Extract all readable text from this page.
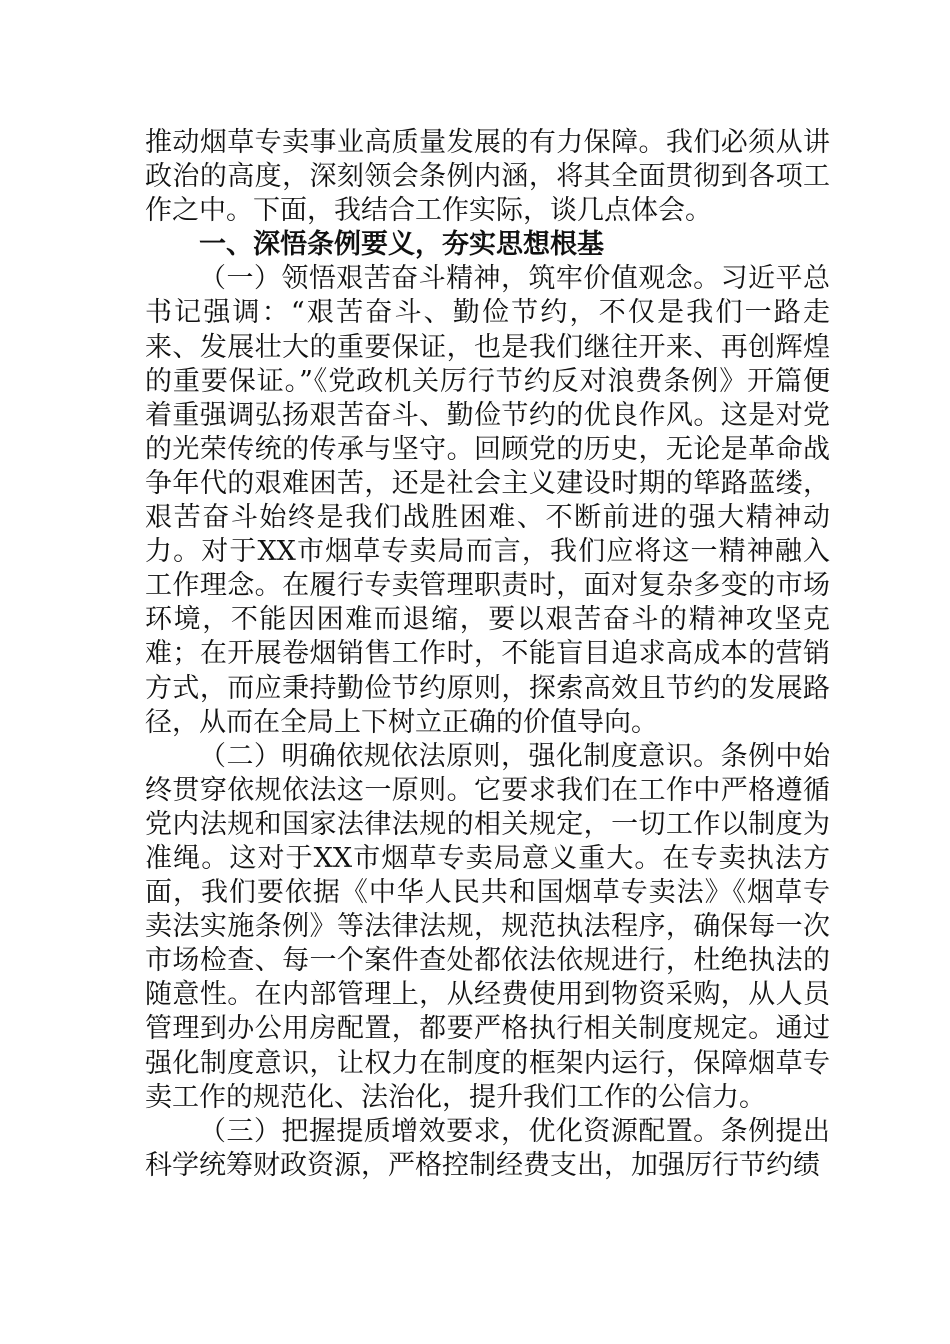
推动烟草专卖事业高质量发展的有力保障。我们必须从讲政治的高度，深刻领会条例内涵，将其全面贯彻到各项工作之中。下面，我结合工作实际，谈几点体会。

一、深悟条例要义，夯实思想根基

（一）领悟艰苦奋斗精神，筑牢价值观念。习近平总书记强调：“艰苦奋斗、勤俭节约，不仅是我们一路走来、发展壮大的重要保证，也是我们继往开来、再创辉煌的重要保证。”《党政机关厉行节约反对浪费条例》开篇便着重强调弘扬艰苦奋斗、勤俭节约的优良作风。这是对党的光荣传统的传承与坚守。回顾党的历史，无论是革命战争年代的艰难困苦，还是社会主义建设时期的筚路蓝缕，艰苦奋斗始终是我们战胜困难、不断前进的强大精神动力。对于XX市烟草专卖局而言，我们应将这一精神融入工作理念。在履行专卖管理职责时，面对复杂多变的市场环境，不能因困难而退缩，要以艰苦奋斗的精神攻坚克难；在开展卷烟销售工作时，不能盲目追求高成本的营销方式，而应秉持勤俭节约原则，探索高效且节约的发展路径，从而在全局上下树立正确的价值导向。

（二）明确依规依法原则，强化制度意识。条例中始终贯穿依规依法这一原则。它要求我们在工作中严格遵循党内法规和国家法律法规的相关规定，一切工作以制度为准绳。这对于XX市烟草专卖局意义重大。在专卖执法方面，我们要依据《中华人民共和国烟草专卖法》《烟草专卖法实施条例》等法律法规，规范执法程序，确保每一次市场检查、每一个案件查处都依法依规进行，杜绝执法的随意性。在内部管理上，从经费使用到物资采购，从人员管理到办公用房配置，都要严格执行相关制度规定。通过强化制度意识，让权力在制度的框架内运行，保障烟草专卖工作的规范化、法治化，提升我们工作的公信力。

（三）把握提质增效要求，优化资源配置。条例提出科学统筹财政资源，严格控制经费支出，加强厉行节约绩
